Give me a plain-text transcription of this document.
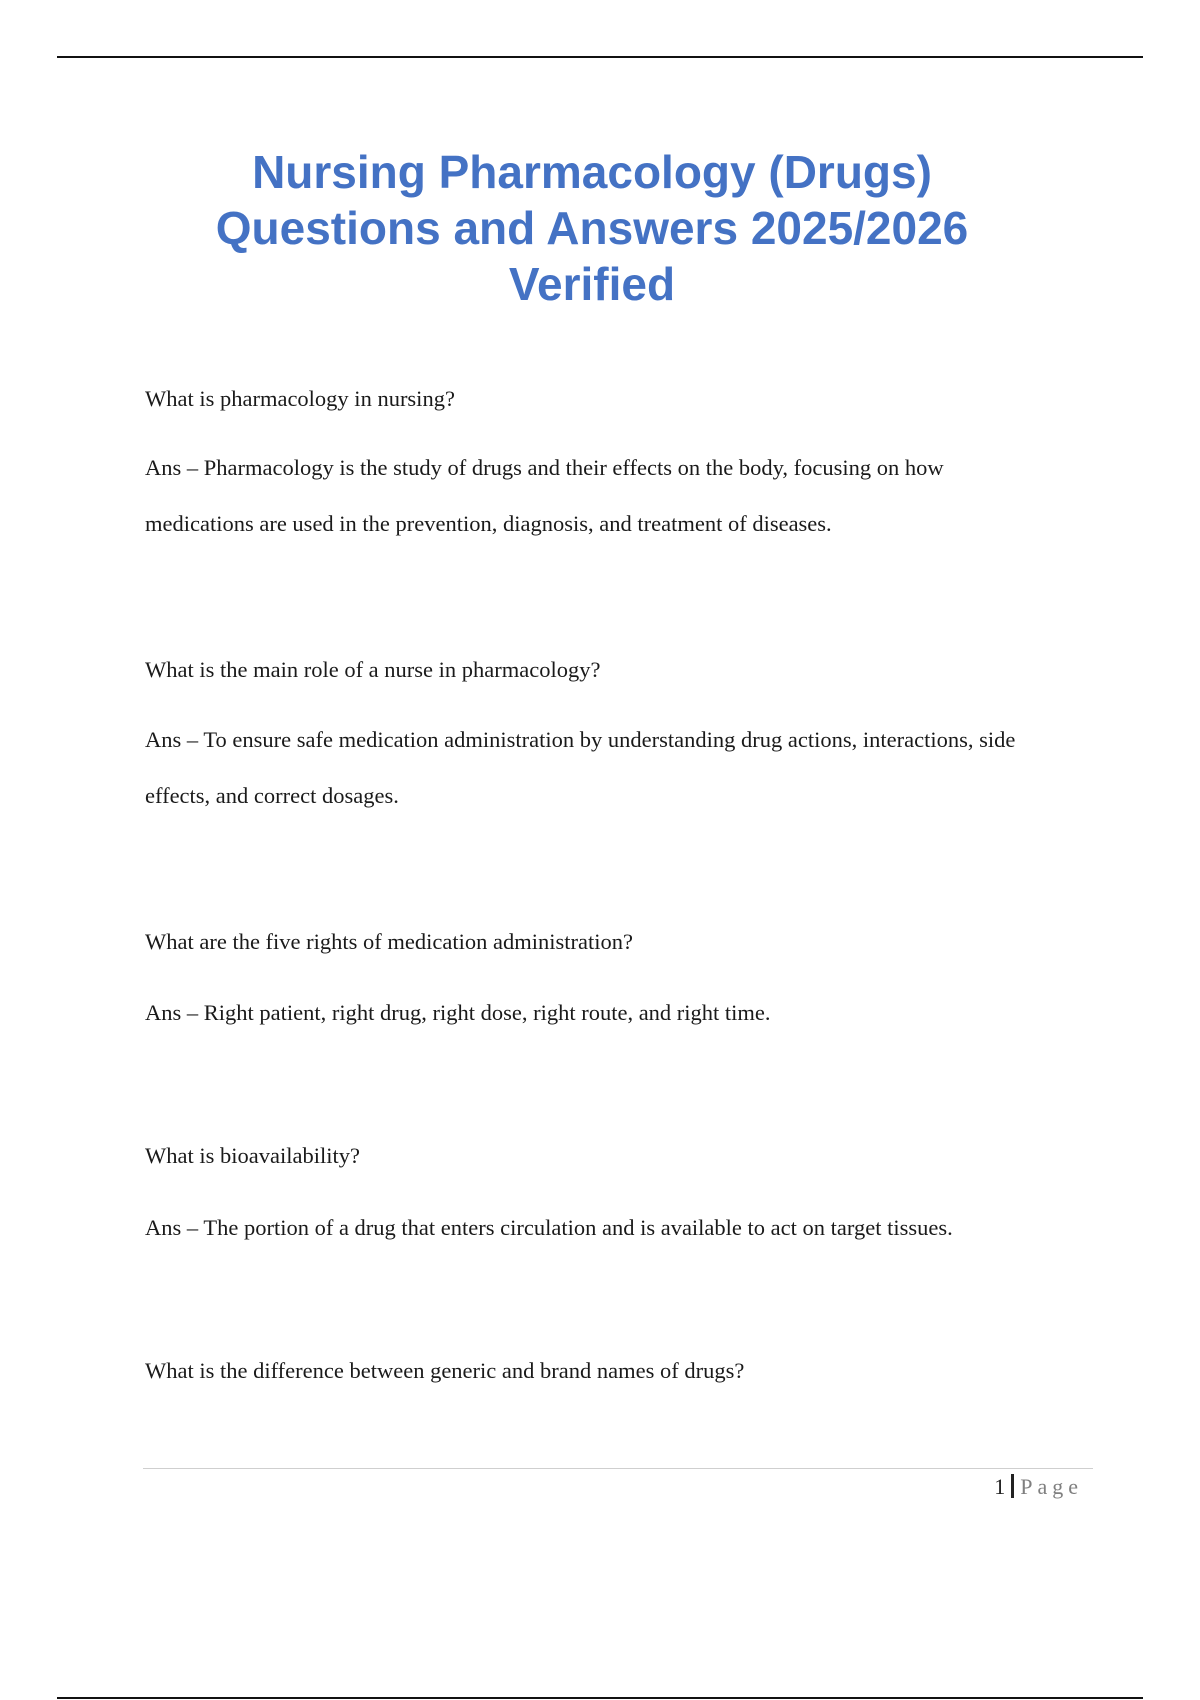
Nursing Pharmacology (Drugs)
Questions and Answers 2025/2026
Verified

What is pharmacology in nursing?

Ans – Pharmacology is the study of drugs and their effects on the body, focusing on how
medications are used in the prevention, diagnosis, and treatment of diseases.

What is the main role of a nurse in pharmacology?

Ans – To ensure safe medication administration by understanding drug actions, interactions, side
effects, and correct dosages.

What are the five rights of medication administration?

Ans – Right patient, right drug, right dose, right route, and right time.

What is bioavailability?

Ans – The portion of a drug that enters circulation and is available to act on target tissues.

What is the difference between generic and brand names of drugs?

1 Page
